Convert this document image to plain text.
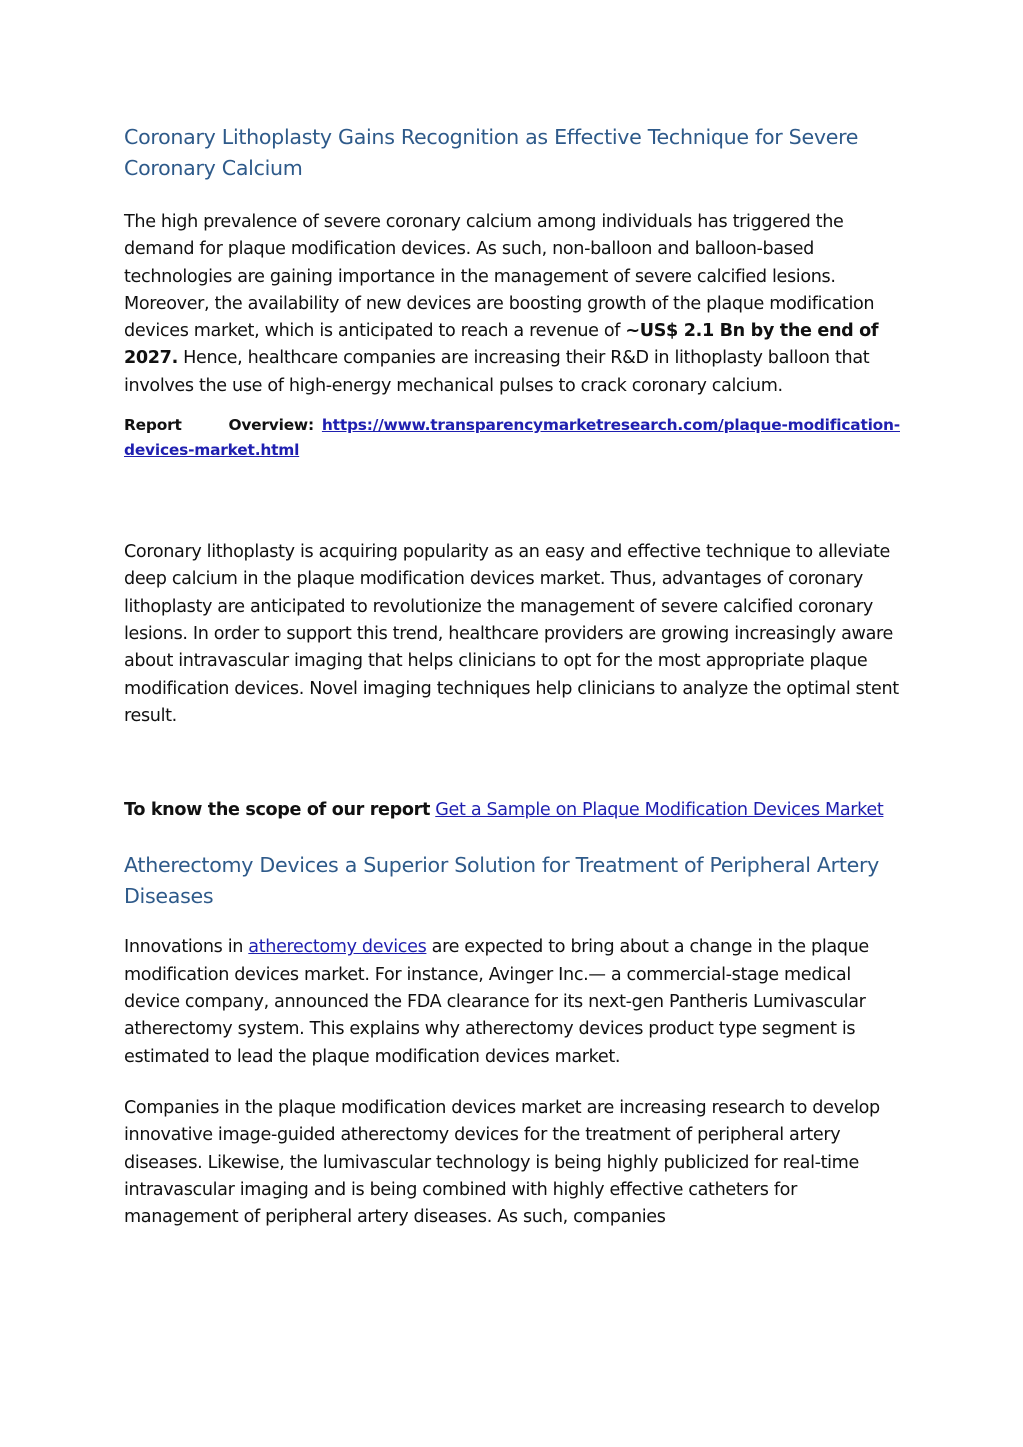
Coronary Lithoplasty Gains Recognition as Effective Technique for Severe Coronary Calcium

The high prevalence of severe coronary calcium among individuals has triggered the demand for plaque modification devices. As such, non-balloon and balloon-based technologies are gaining importance in the management of severe calcified lesions. Moreover, the availability of new devices are boosting growth of the plaque modification devices market, which is anticipated to reach a revenue of ~US$ 2.1 Bn by the end of 2027. Hence, healthcare companies are increasing their R&D in lithoplasty balloon that involves the use of high-energy mechanical pulses to crack coronary calcium.

Report Overview: https://www.transparencymarketresearch.com/plaque-modification-devices-market.html

Coronary lithoplasty is acquiring popularity as an easy and effective technique to alleviate deep calcium in the plaque modification devices market. Thus, advantages of coronary lithoplasty are anticipated to revolutionize the management of severe calcified coronary lesions. In order to support this trend, healthcare providers are growing increasingly aware about intravascular imaging that helps clinicians to opt for the most appropriate plaque modification devices. Novel imaging techniques help clinicians to analyze the optimal stent result.

To know the scope of our report Get a Sample on Plaque Modification Devices Market

Atherectomy Devices a Superior Solution for Treatment of Peripheral Artery Diseases

Innovations in atherectomy devices are expected to bring about a change in the plaque modification devices market. For instance, Avinger Inc.— a commercial-stage medical device company, announced the FDA clearance for its next-gen Pantheris Lumivascular atherectomy system. This explains why atherectomy devices product type segment is estimated to lead the plaque modification devices market.

Companies in the plaque modification devices market are increasing research to develop innovative image-guided atherectomy devices for the treatment of peripheral artery diseases. Likewise, the lumivascular technology is being highly publicized for real-time intravascular imaging and is being combined with highly effective catheters for management of peripheral artery diseases. As such, companies
